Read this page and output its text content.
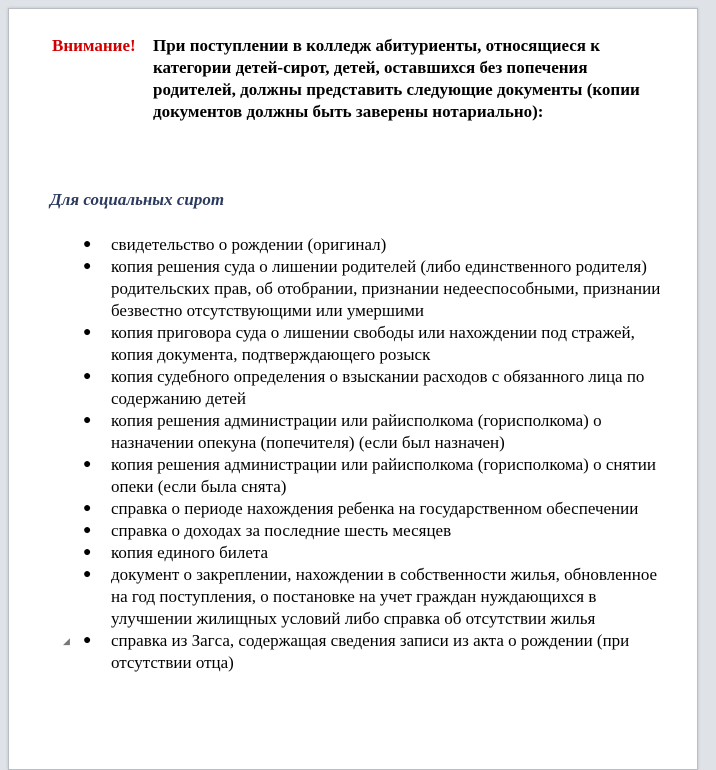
Внимание!	При поступлении в колледж абитуриенты, относящиеся к категории детей-сирот, детей, оставшихся без попечения родителей, должны представить следующие документы (копии документов должны быть заверены нотариально):
Для социальных сирот
● свидетельство о рождении (оригинал)
● копия решения суда о лишении родителей (либо единственного родителя) родительских прав, об отобрании, признании недееспособными, признании безвестно отсутствующими или умершими
● копия приговора суда о лишении свободы или нахождении под стражей, копия документа, подтверждающего розыск
● копия судебного определения о взыскании расходов с обязанного лица по содержанию детей
● копия решения администрации или райисполкома (горисполкома) о назначении опекуна (попечителя) (если был назначен)
● копия решения администрации или райисполкома (горисполкома) о снятии опеки (если была снята)
● справка о периоде нахождения ребенка на государственном обеспечении
● справка о доходах за последние шесть месяцев
● копия единого билета
● документ о закреплении, нахождении в собственности жилья, обновленное на год поступления, о постановке на учет граждан нуждающихся в улучшении жилищных условий либо справка об отсутствии жилья
◢ ● справка из Загса, содержащая сведения записи из акта о рождении (при отсутствии отца)
